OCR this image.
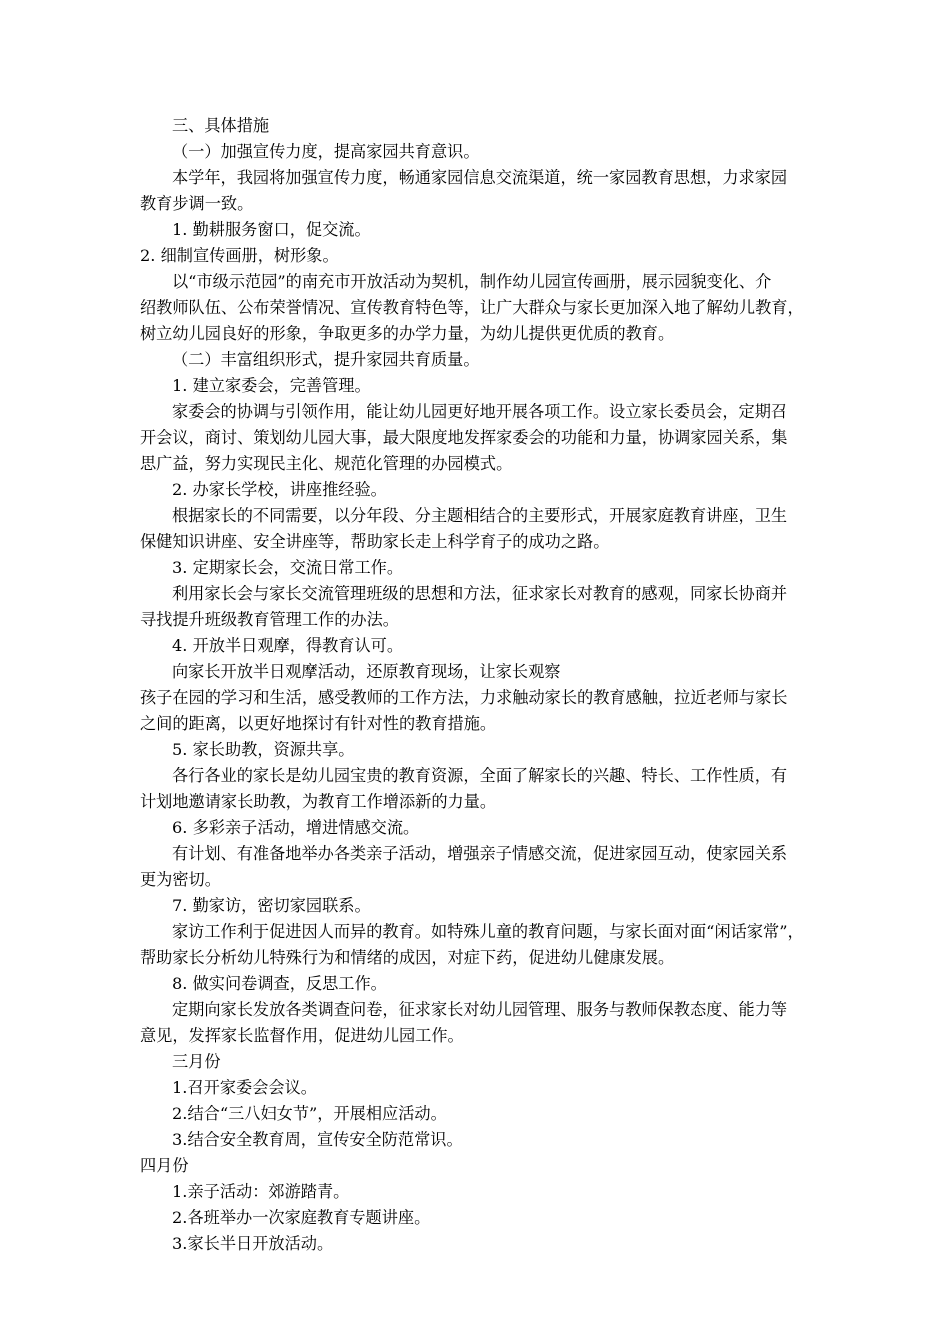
三、具体措施
（一）加强宣传力度，提高家园共育意识。
本学年，我园将加强宣传力度，畅通家园信息交流渠道，统一家园教育思想，力求家园
教育步调一致。
1. 勤耕服务窗口，促交流。
2. 细制宣传画册，树形象。
以“市级示范园”的南充市开放活动为契机，制作幼儿园宣传画册，展示园貌变化、介
绍教师队伍、公布荣誉情况、宣传教育特色等，让广大群众与家长更加深入地了解幼儿教育，
树立幼儿园良好的形象，争取更多的办学力量，为幼儿提供更优质的教育。
（二）丰富组织形式，提升家园共育质量。
1. 建立家委会，完善管理。
家委会的协调与引领作用，能让幼儿园更好地开展各项工作。设立家长委员会，定期召
开会议，商讨、策划幼儿园大事，最大限度地发挥家委会的功能和力量，协调家园关系，集
思广益，努力实现民主化、规范化管理的办园模式。
2. 办家长学校，讲座推经验。
根据家长的不同需要，以分年段、分主题相结合的主要形式，开展家庭教育讲座，卫生
保健知识讲座、安全讲座等，帮助家长走上科学育子的成功之路。
3. 定期家长会，交流日常工作。
利用家长会与家长交流管理班级的思想和方法，征求家长对教育的感观，同家长协商并
寻找提升班级教育管理工作的办法。
4. 开放半日观摩，得教育认可。
向家长开放半日观摩活动，还原教育现场，让家长观察
孩子在园的学习和生活，感受教师的工作方法，力求触动家长的教育感触，拉近老师与家长
之间的距离，以更好地探讨有针对性的教育措施。
5. 家长助教，资源共享。
各行各业的家长是幼儿园宝贵的教育资源，全面了解家长的兴趣、特长、工作性质，有
计划地邀请家长助教，为教育工作增添新的力量。
6. 多彩亲子活动，增进情感交流。
有计划、有准备地举办各类亲子活动，增强亲子情感交流，促进家园互动，使家园关系
更为密切。
7. 勤家访，密切家园联系。
家访工作利于促进因人而异的教育。如特殊儿童的教育问题，与家长面对面“闲话家常”，
帮助家长分析幼儿特殊行为和情绪的成因，对症下药，促进幼儿健康发展。
8. 做实问卷调查，反思工作。
定期向家长发放各类调查问卷，征求家长对幼儿园管理、服务与教师保教态度、能力等
意见，发挥家长监督作用，促进幼儿园工作。
三月份
1.召开家委会会议。
2.结合“三八妇女节”，开展相应活动。
3.结合安全教育周，宣传安全防范常识。
四月份
1.亲子活动：郊游踏青。
2.各班举办一次家庭教育专题讲座。
3.家长半日开放活动。
